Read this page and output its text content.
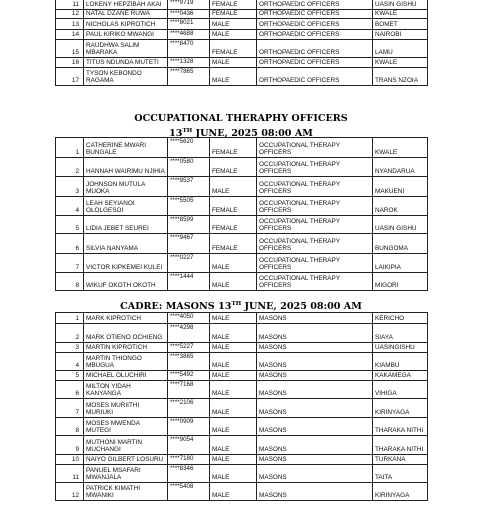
11	LOKENY HEPZIBAH AKAI	****9719	FEMALE	ORTHOPAEDIC OFFICERS	UASIN GISHU
12	NATAL DZANE RUWA	****0436	FEMALE	ORTHOPAEDIC OFFICERS	KWALE
13	NICHOLAS KIPROTICH	****8021	MALE	ORTHOPAEDIC OFFICERS	BOMET
14	PAUL KIRIKO MWANGI	****4688	MALE	ORTHOPAEDIC OFFICERS	NAIROBI
15	RAUDHWA SALIM MBARAKA	****8470	FEMALE	ORTHOPAEDIC OFFICERS	LAMU
16	TITUS NDUNDA MUTETI	****1328	MALE	ORTHOPAEDIC OFFICERS	KWALE
17	TYSON KEBONDO RAGAMA	****7865	MALE	ORTHOPAEDIC OFFICERS	TRANS NZOIA
OCCUPATIONAL THERAPHY OFFICERS
13TH JUNE, 2025 08:00 AM
1	CATHERINE MWARI BUNGALE	****5620	FEMALE	OCCUPATIONAL THERAPY OFFICERS	KWALE
2	HANNAH WAIRIMU NJIHIA	****0580	FEMALE	OCCUPATIONAL THERAPY OFFICERS	NYANDARUA
3	JOHNSON MUTULA MUOKA	****9537	MALE	OCCUPATIONAL THERAPY OFFICERS	MAKUENI
4	LEAH SEYIANOI OLOLGESOI	****5505	FEMALE	OCCUPATIONAL THERAPY OFFICERS	NAROK
5	LIDIA JEBET SEUREI	****8599	FEMALE	OCCUPATIONAL THERAPY OFFICERS	UASIN GISHU
6	SILVIA NANYAMA	****9467	FEMALE	OCCUPATIONAL THERAPY OFFICERS	BUNGOMA
7	VICTOR KIPKEMEI KULEI	****0227	MALE	OCCUPATIONAL THERAPY OFFICERS	LAIKIPIA
8	WIKUF OKOTH OKOTH	****1444	MALE	OCCUPATIONAL THERAPY OFFICERS	MIGORI
CADRE: MASONS 13TH JUNE, 2025 08:00 AM
1	MARK KIPROTICH	****4050	MALE	MASONS	KERICHO
2	MARK OTIENO OCHIENG	****4298	MALE	MASONS	SIAYA
3	MARTIN KIPROTICH	****5227	MALE	MASONS	UASINGISHU
4	MARTIN THIONGO MBUGUA	****3865	MALE	MASONS	KIAMBU
5	MICHAEL OLUCHIRI	****5492	MALE	MASONS	KAKAMEGA
6	MILTON YIDAH KANYANGA	****7168	MALE	MASONS	VIHIGA
7	MOSES MURIITHI MURIUKI	****2106	MALE	MASONS	KIRINYAGA
8	MOSES MWENDA MUTEGI	****0909	MALE	MASONS	THARAKA NITHI
9	MUTHONI MARTIN MUCHANGI	****9054	MALE	MASONS	THARAKA NITHI
10	NAIYO GILBERT LOSURU	****7180	MALE	MASONS	TURKANA
11	PANUEL MSAFARI MWANJALA	****8346	MALE	MASONS	TAITA
12	PATRICK KIMATHI MWANIKI	****5408	MALE	MASONS	KIRINYAGA
